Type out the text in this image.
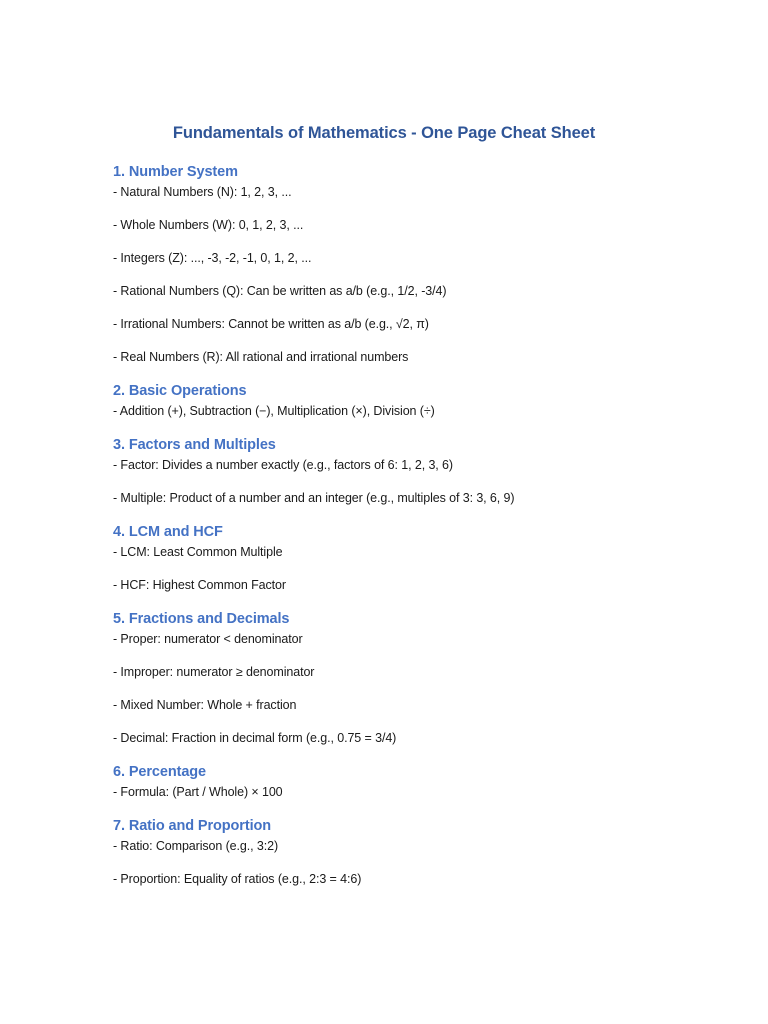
Fundamentals of Mathematics - One Page Cheat Sheet
1. Number System
- Natural Numbers (N): 1, 2, 3, ...
- Whole Numbers (W): 0, 1, 2, 3, ...
- Integers (Z): ..., -3, -2, -1, 0, 1, 2, ...
- Rational Numbers (Q): Can be written as a/b (e.g., 1/2, -3/4)
- Irrational Numbers: Cannot be written as a/b (e.g., √2, π)
- Real Numbers (R): All rational and irrational numbers
2. Basic Operations
- Addition (+), Subtraction (−), Multiplication (×), Division (÷)
3. Factors and Multiples
- Factor: Divides a number exactly (e.g., factors of 6: 1, 2, 3, 6)
- Multiple: Product of a number and an integer (e.g., multiples of 3: 3, 6, 9)
4. LCM and HCF
- LCM: Least Common Multiple
- HCF: Highest Common Factor
5. Fractions and Decimals
- Proper: numerator < denominator
- Improper: numerator ≥ denominator
- Mixed Number: Whole + fraction
- Decimal: Fraction in decimal form (e.g., 0.75 = 3/4)
6. Percentage
- Formula: (Part / Whole) × 100
7. Ratio and Proportion
- Ratio: Comparison (e.g., 3:2)
- Proportion: Equality of ratios (e.g., 2:3 = 4:6)
